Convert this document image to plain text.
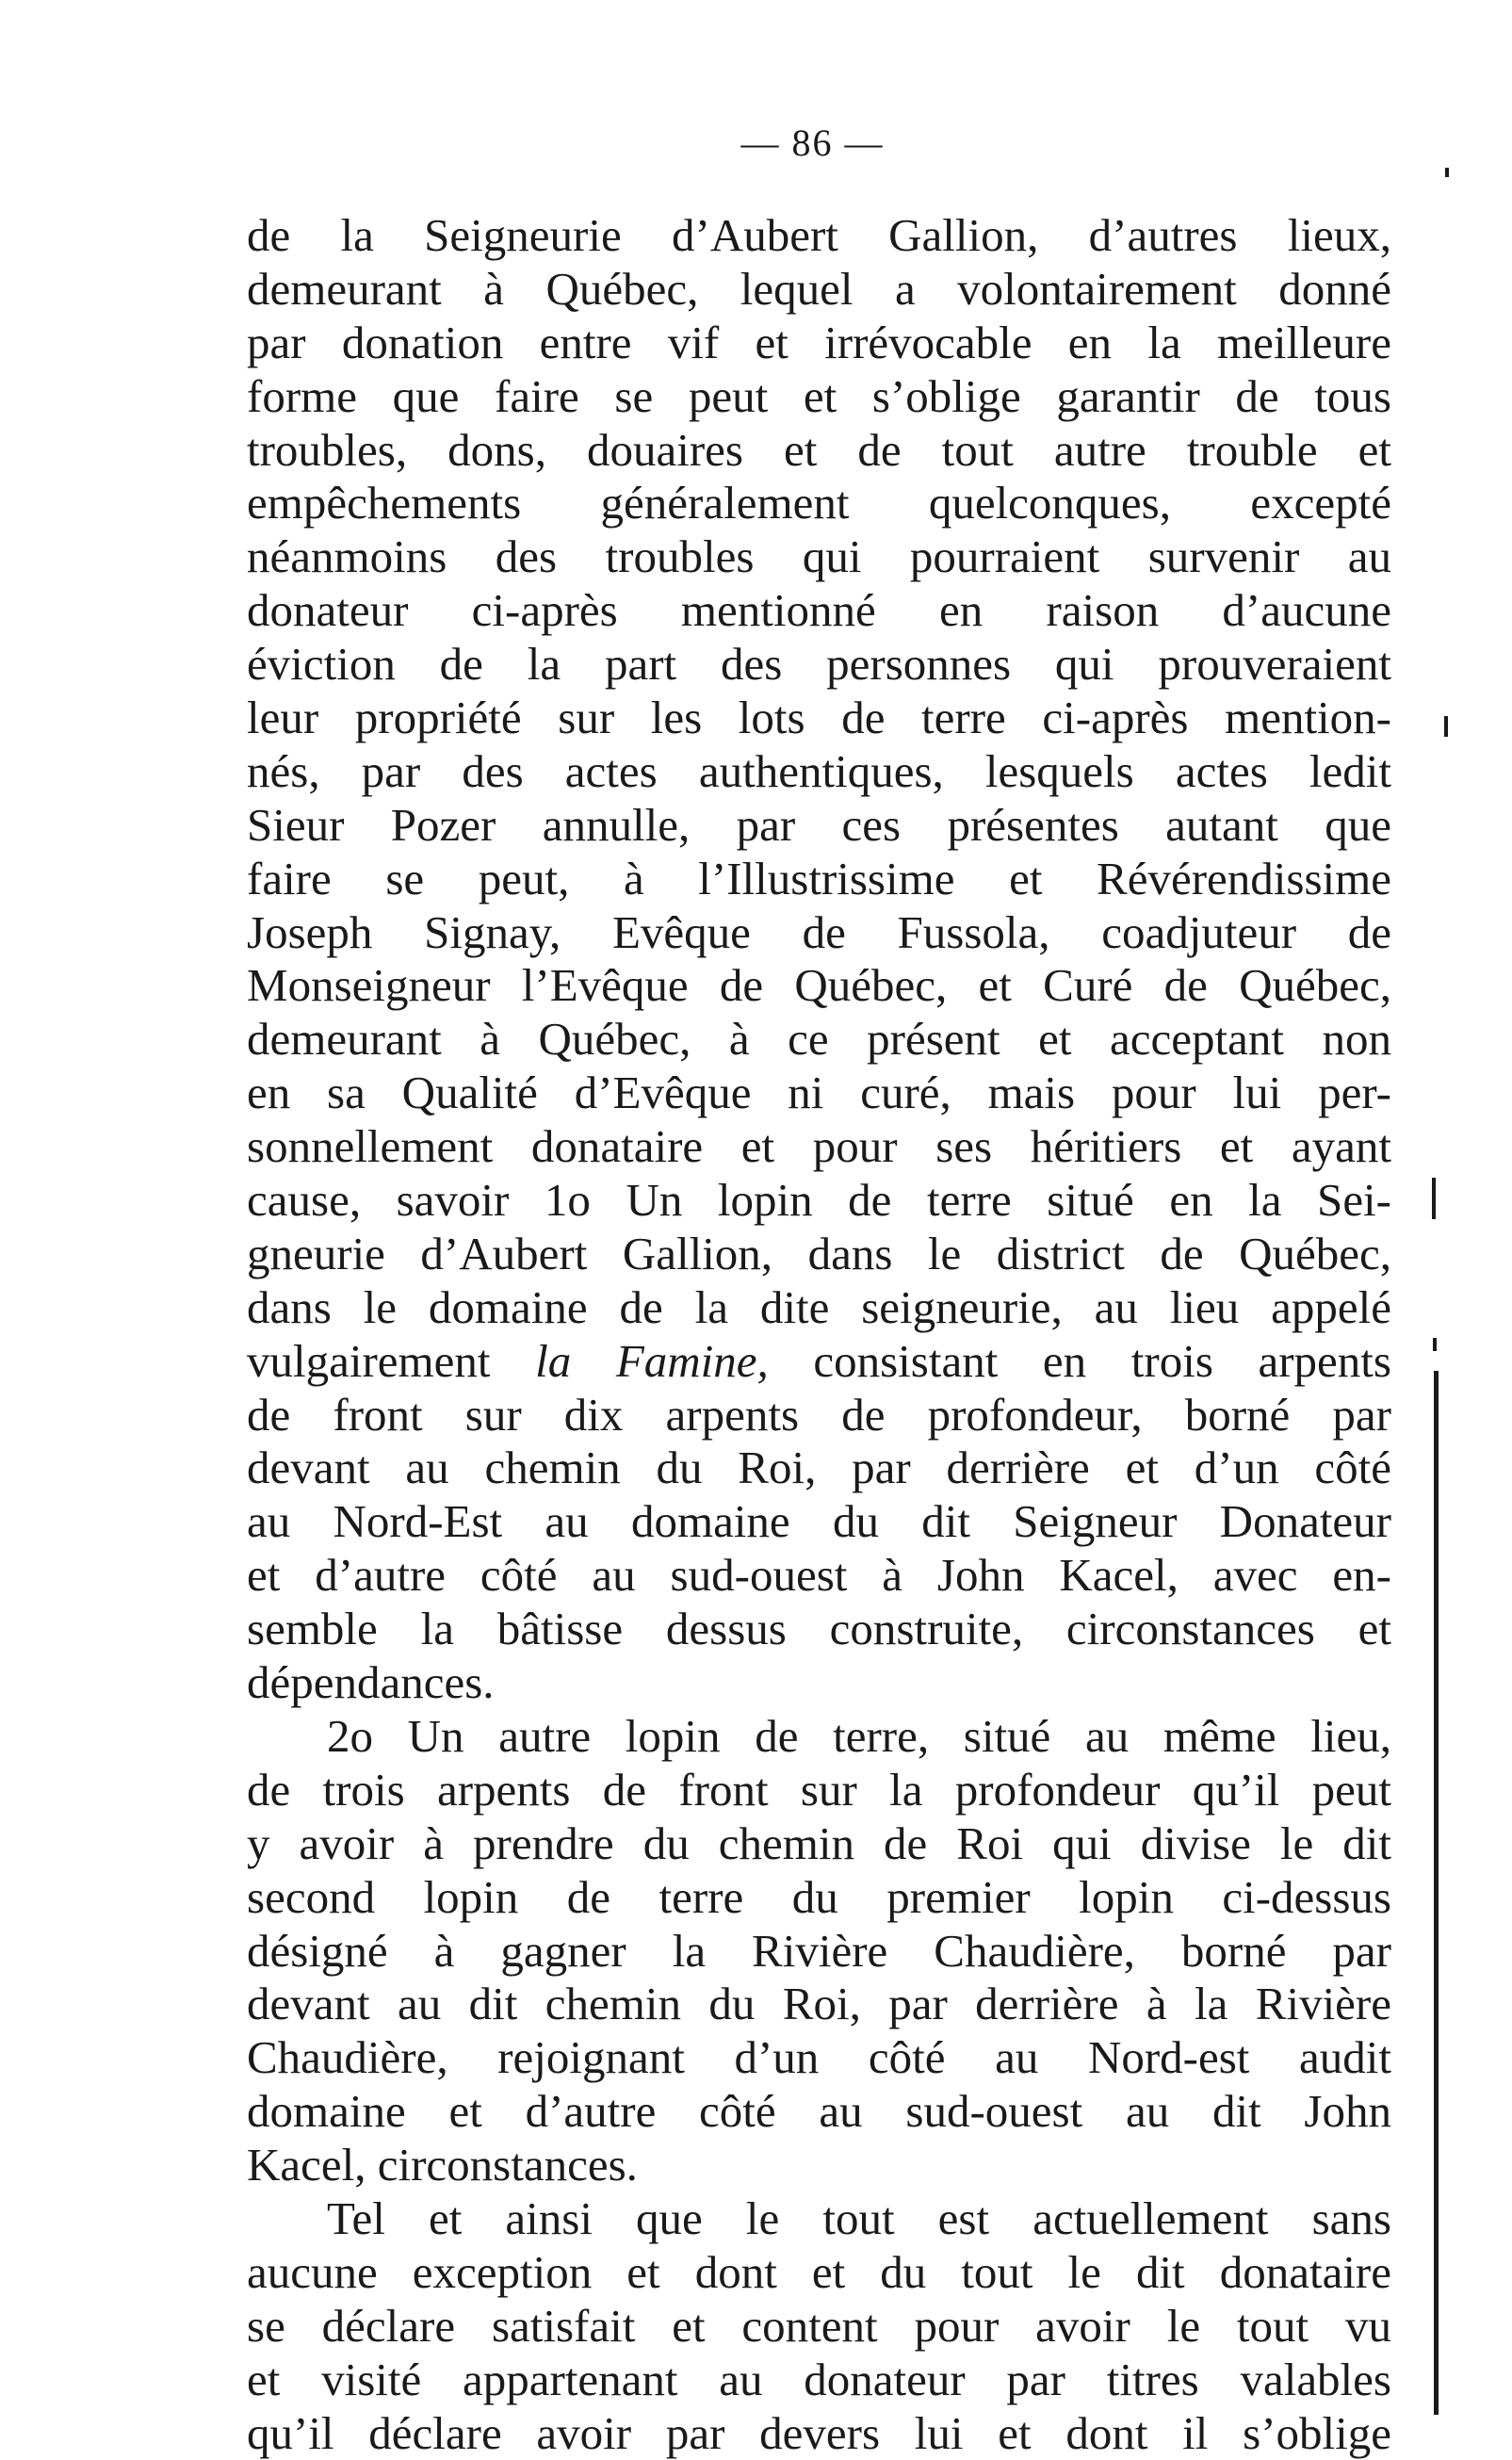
— 86 —
de la Seigneurie d’Aubert Gallion, d’autres lieux,
demeurant à Québec, lequel a volontairement donné
par donation entre vif et irrévocable en la meilleure
forme que faire se peut et s’oblige garantir de tous
troubles, dons, douaires et de tout autre trouble et
empêchements généralement quelconques, excepté
néanmoins des troubles qui pourraient survenir au
donateur ci-après mentionné en raison d’aucune
éviction de la part des personnes qui prouveraient
leur propriété sur les lots de terre ci-après mention-
nés, par des actes authentiques, lesquels actes ledit
Sieur Pozer annulle, par ces présentes autant que
faire se peut, à l’Illustrissime et Révérendissime
Joseph Signay, Evêque de Fussola, coadjuteur de
Monseigneur l’Evêque de Québec, et Curé de Québec,
demeurant à Québec, à ce présent et acceptant non
en sa Qualité d’Evêque ni curé, mais pour lui per-
sonnellement donataire et pour ses héritiers et ayant
cause, savoir 1o Un lopin de terre situé en la Sei-
gneurie d’Aubert Gallion, dans le district de Québec,
dans le domaine de la dite seigneurie, au lieu appelé
vulgairement la Famine, consistant en trois arpents
de front sur dix arpents de profondeur, borné par
devant au chemin du Roi, par derrière et d’un côté
au Nord-Est au domaine du dit Seigneur Donateur
et d’autre côté au sud-ouest à John Kacel, avec en-
semble la bâtisse dessus construite, circonstances et
dépendances.
2o Un autre lopin de terre, situé au même lieu,
de trois arpents de front sur la profondeur qu’il peut
y avoir à prendre du chemin de Roi qui divise le dit
second lopin de terre du premier lopin ci-dessus
désigné à gagner la Rivière Chaudière, borné par
devant au dit chemin du Roi, par derrière à la Rivière
Chaudière, rejoignant d’un côté au Nord-est audit
domaine et d’autre côté au sud-ouest au dit John
Kacel, circonstances.
Tel et ainsi que le tout est actuellement sans
aucune exception et dont et du tout le dit donataire
se déclare satisfait et content pour avoir le tout vu
et visité appartenant au donateur par titres valables
qu’il déclare avoir par devers lui et dont il s’oblige
